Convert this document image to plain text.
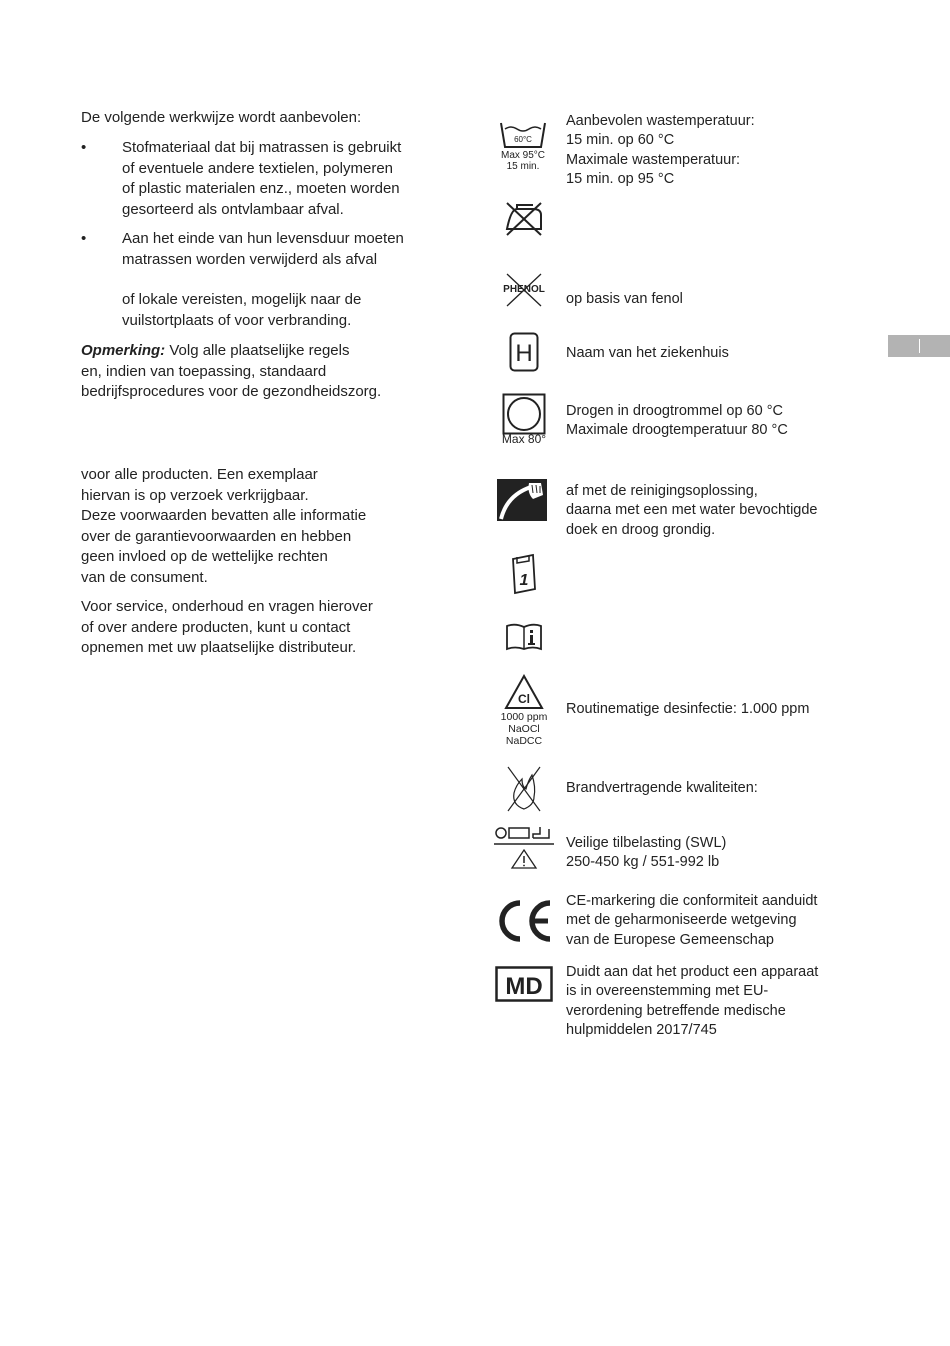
De volgende werkwijze wordt aanbevolen:

• Stofmateriaal dat bij matrassen is gebruikt
of eventuele andere textielen, polymeren
of plastic materialen enz., moeten worden
gesorteerd als ontvlambaar afval.

• Aan het einde van hun levensduur moeten
matrassen worden verwijderd als afval

of lokale vereisten, mogelijk naar de
vuilstortplaats of voor verbranding.

Opmerking: Volg alle plaatselijke regels
en, indien van toepassing, standaard
bedrijfsprocedures voor de gezondheidszorg.

voor alle producten. Een exemplaar
hiervan is op verzoek verkrijgbaar.
Deze voorwaarden bevatten alle informatie
over de garantievoorwaarden en hebben
geen invloed op de wettelijke rechten
van de consument.

Voor service, onderhoud en vragen hierover
of over andere producten, kunt u contact
opnemen met uw plaatselijke distributeur.

60°C
Max 95°C
15 min.
Aanbevolen wastemperatuur:
15 min. op 60 °C
Maximale wastemperatuur:
15 min. op 95 °C
PHENOL
op basis van fenol
H Naam van het ziekenhuis
Max 80°
Drogen in droogtrommel op 60 °C
Maximale droogtemperatuur 80 °C
af met de reinigingsoplossing,
daarna met een met water bevochtigde
doek en droog grondig.
1
Cl
1000 ppm
NaOCl
NaDCC
Routinematige desinfectie: 1.000 ppm
Brandvertragende kwaliteiten:
Veilige tilbelasting (SWL)
250-450 kg / 551-992 lb
CE-markering die conformiteit aanduidt
met de geharmoniseerde wetgeving
van de Europese Gemeenschap
MD
Duidt aan dat het product een apparaat
is in overeenstemming met EU-
verordening betreffende medische
hulpmiddelen 2017/745
